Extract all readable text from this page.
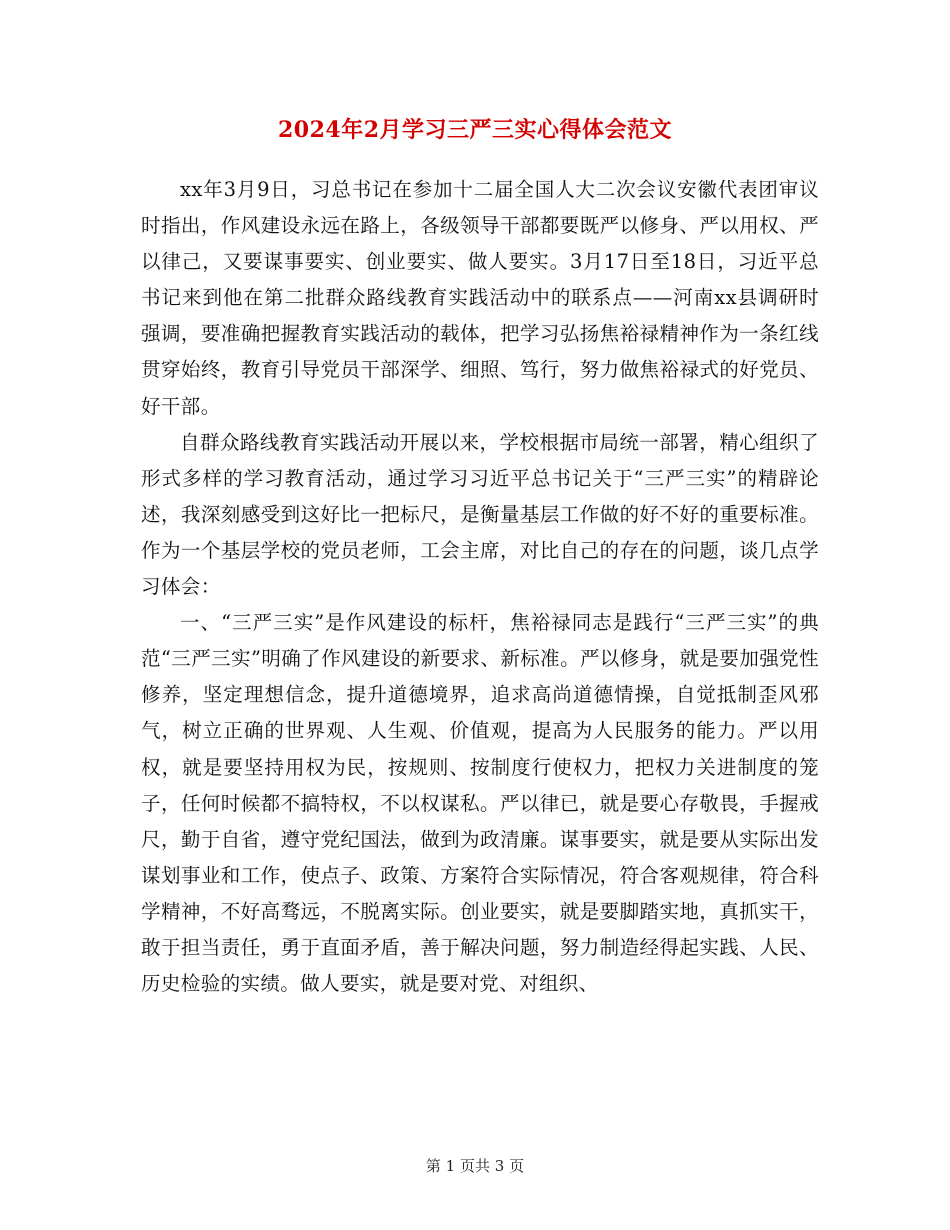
2024年2月学习三严三实心得体会范文

xx年3月9日，习总书记在参加十二届全国人大二次会议安徽代表团审议时指出，作风建设永远在路上，各级领导干部都要既严以修身、严以用权、严以律己，又要谋事要实、创业要实、做人要实。3月17日至18日，习近平总书记来到他在第二批群众路线教育实践活动中的联系点——河南xx县调研时强调，要准确把握教育实践活动的载体，把学习弘扬焦裕禄精神作为一条红线贯穿始终，教育引导党员干部深学、细照、笃行，努力做焦裕禄式的好党员、好干部。

自群众路线教育实践活动开展以来，学校根据市局统一部署，精心组织了形式多样的学习教育活动，通过学习习近平总书记关于“三严三实”的精辟论述，我深刻感受到这好比一把标尺，是衡量基层工作做的好不好的重要标准。作为一个基层学校的党员老师，工会主席，对比自己的存在的问题，谈几点学习体会：

一、“三严三实”是作风建设的标杆，焦裕禄同志是践行“三严三实”的典范“三严三实”明确了作风建设的新要求、新标准。严以修身，就是要加强党性修养，坚定理想信念，提升道德境界，追求高尚道德情操，自觉抵制歪风邪气，树立正确的世界观、人生观、价值观，提高为人民服务的能力。严以用权，就是要坚持用权为民，按规则、按制度行使权力，把权力关进制度的笼子，任何时候都不搞特权，不以权谋私。严以律已，就是要心存敬畏，手握戒尺，勤于自省，遵守党纪国法，做到为政清廉。谋事要实，就是要从实际出发谋划事业和工作，使点子、政策、方案符合实际情况，符合客观规律，符合科学精神，不好高骛远，不脱离实际。创业要实，就是要脚踏实地，真抓实干，敢于担当责任，勇于直面矛盾，善于解决问题，努力制造经得起实践、人民、历史检验的实绩。做人要实，就是要对党、对组织、

第 1 页共 3 页
